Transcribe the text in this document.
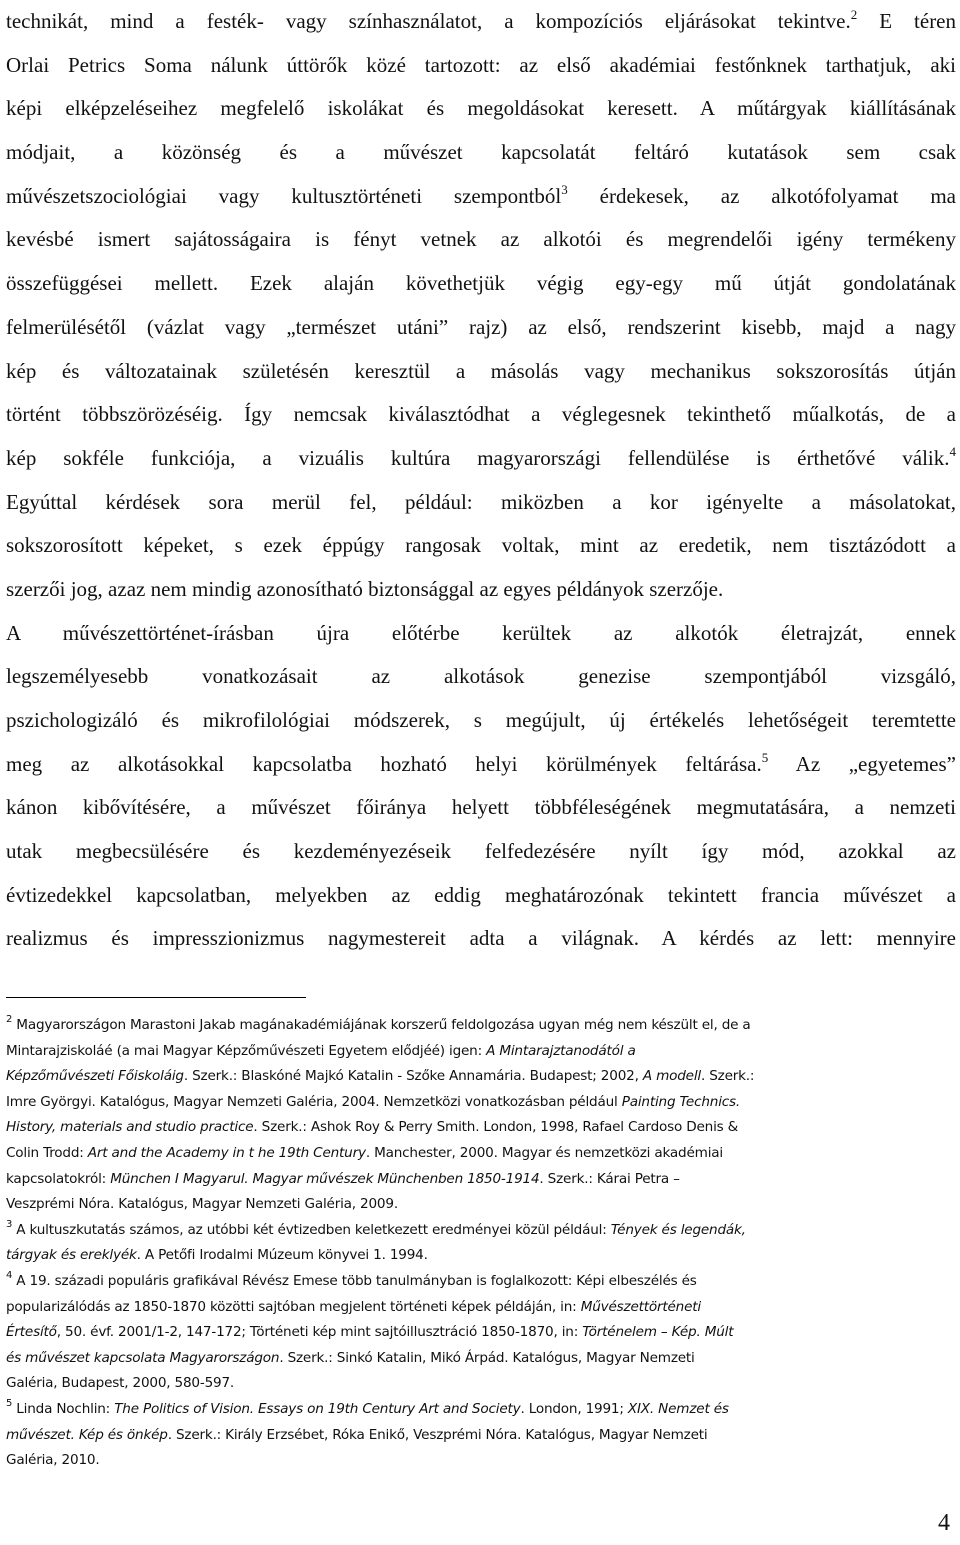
technikát, mind a festék- vagy színhasználatot, a kompozíciós eljárásokat tekintve.$^2$ E téren
Orlai Petrics Soma nálunk úttörők közé tartozott: az első akadémiai festőnknek tarthatjuk, aki
képi elképzeléseihez megfelelő iskolákat és megoldásokat keresett. A műtárgyak kiállításának
módjait, a közönség és a művészet kapcsolatát feltáró kutatások sem csak
művészetszociológiai vagy kultusztörténeti szempontból$^3$ érdekesek, az alkotófolyamat ma
kevésbé ismert sajátosságaira is fényt vetnek az alkotói és megrendelői igény termékeny
összefüggései mellett. Ezek alaján követhetjük végig egy-egy mű útját gondolatának
felmerülésétől (vázlat vagy „természet utáni” rajz) az első, rendszerint kisebb, majd a nagy
kép és változatainak születésén keresztül a másolás vagy mechanikus sokszorosítás útján
történt többszörözéséig. Így nemcsak kiválasztódhat a véglegesnek tekinthető műalkotás, de a
kép sokféle funkciója, a vizuális kultúra magyarországi fellendülése is érthetővé válik.$^4$
Egyúttal kérdések sora merül fel, például: miközben a kor igényelte a másolatokat,
sokszorosított képeket, s ezek éppúgy rangosak voltak, mint az eredetik, nem tisztázódott a
szerzői jog, azaz nem mindig azonosítható biztonsággal az egyes példányok szerzője.
A művészettörténet-írásban újra előtérbe kerültek az alkotók életrajzát, ennek
legszemélyesebb vonatkozásait az alkotások genezise szempontjából vizsgáló,
pszichologizáló és mikrofilológiai módszerek, s megújult, új értékelés lehetőségeit teremtette
meg az alkotásokkal kapcsolatba hozható helyi körülmények feltárása.$^5$ Az „egyetemes”
kánon kibővítésére, a művészet főiránya helyett többféleségének megmutatására, a nemzeti
utak megbecsülésére és kezdeményezéseik felfedezésére nyílt így mód, azokkal az
évtizedekkel kapcsolatban, melyekben az eddig meghatározónak tekintett francia művészet a
realizmus és impresszionizmus nagymestereit adta a világnak. A kérdés az lett: mennyire
$^2$ Magyarországon Marastoni Jakab magánakadémiájának korszerű feldolgozása ugyan még nem készült el, de a
Mintarajziskoláé (a mai Magyar Képzőművészeti Egyetem elődjéé) igen: A Mintarajztanodától a
Képzőművészeti Főiskoláig. Szerk.: Blaskóné Majkó Katalin - Szőke Annamária. Budapest; 2002, A modell. Szerk.:
Imre Györgyi. Katalógus, Magyar Nemzeti Galéria, 2004. Nemzetközi vonatkozásban például Painting Technics.
History, materials and studio practice. Szerk.: Ashok Roy & Perry Smith. London, 1998, Rafael Cardoso Denis &
Colin Trodd: Art and the Academy in t he 19th Century. Manchester, 2000. Magyar és nemzetközi akadémiai
kapcsolatokról: München I Magyarul. Magyar művészek Münchenben 1850-1914. Szerk.: Kárai Petra –
Veszprémi Nóra. Katalógus, Magyar Nemzeti Galéria, 2009.
$^3$ A kultuszkutatás számos, az utóbbi két évtizedben keletkezett eredményei közül például: Tények és legendák,
tárgyak és ereklyék. A Petőfi Irodalmi Múzeum könyvei 1. 1994.
$^4$ A 19. századi populáris grafikával Révész Emese több tanulmányban is foglalkozott: Képi elbeszélés és
popularizálódás az 1850-1870 közötti sajtóban megjelent történeti képek példáján, in: Művészettörténeti
Értesítő, 50. évf. 2001/1-2, 147-172; Történeti kép mint sajtóillusztráció 1850-1870, in: Történelem – Kép. Múlt
és művészet kapcsolata Magyarországon. Szerk.: Sinkó Katalin, Mikó Árpád. Katalógus, Magyar Nemzeti
Galéria, Budapest, 2000, 580-597.
$^5$ Linda Nochlin: The Politics of Vision. Essays on 19th Century Art and Society. London, 1991; XIX. Nemzet és
művészet. Kép és önkép. Szerk.: Király Erzsébet, Róka Enikő, Veszprémi Nóra. Katalógus, Magyar Nemzeti
Galéria, 2010.
4
